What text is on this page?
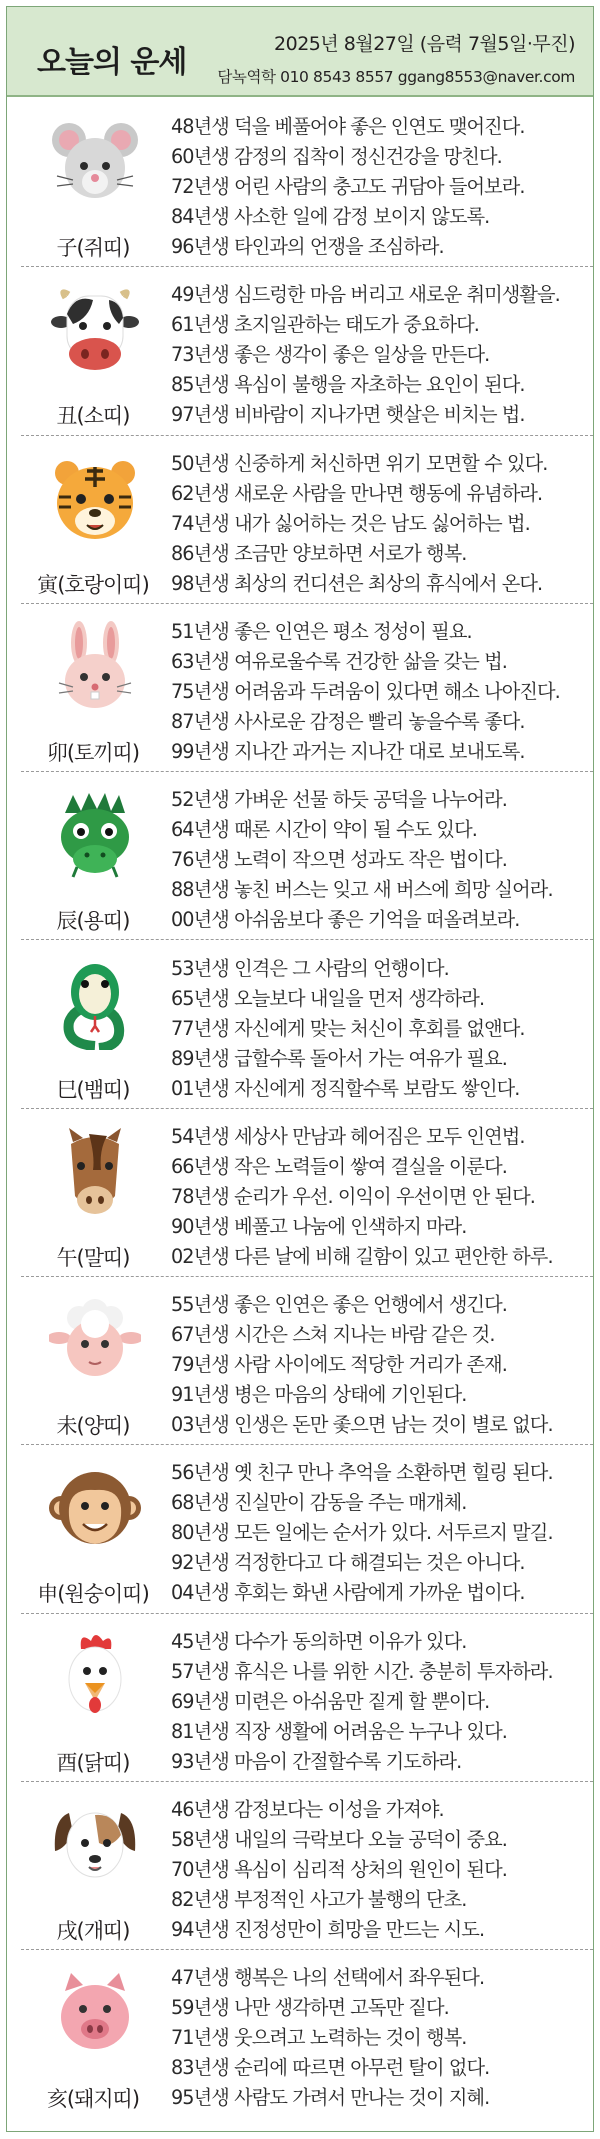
오늘의 운세
2025년 8월27일 (음력 7월5일·무진)
담녹역학 010 8543 8557 ggang8553@naver.com
子(쥐띠)
48년생 덕을 베풀어야 좋은 인연도 맺어진다.
60년생 감정의 집착이 정신건강을 망친다.
72년생 어린 사람의 충고도 귀담아 들어보라.
84년생 사소한 일에 감정 보이지 않도록.
96년생 타인과의 언쟁을 조심하라.
丑(소띠)
49년생 심드렁한 마음 버리고 새로운 취미생활을.
61년생 초지일관하는 태도가 중요하다.
73년생 좋은 생각이 좋은 일상을 만든다.
85년생 욕심이 불행을 자초하는 요인이 된다.
97년생 비바람이 지나가면 햇살은 비치는 법.
寅(호랑이띠)
50년생 신중하게 처신하면 위기 모면할 수 있다.
62년생 새로운 사람을 만나면 행동에 유념하라.
74년생 내가 싫어하는 것은 남도 싫어하는 법.
86년생 조금만 양보하면 서로가 행복.
98년생 최상의 컨디션은 최상의 휴식에서 온다.
卯(토끼띠)
51년생 좋은 인연은 평소 정성이 필요.
63년생 여유로울수록 건강한 삶을 갖는 법.
75년생 어려움과 두려움이 있다면 해소 나아진다.
87년생 사사로운 감정은 빨리 놓을수록 좋다.
99년생 지나간 과거는 지나간 대로 보내도록.
辰(용띠)
52년생 가벼운 선물 하듯 공덕을 나누어라.
64년생 때론 시간이 약이 될 수도 있다.
76년생 노력이 작으면 성과도 작은 법이다.
88년생 놓친 버스는 잊고 새 버스에 희망 실어라.
00년생 아쉬움보다 좋은 기억을 떠올려보라.
巳(뱀띠)
53년생 인격은 그 사람의 언행이다.
65년생 오늘보다 내일을 먼저 생각하라.
77년생 자신에게 맞는 처신이 후회를 없앤다.
89년생 급할수록 돌아서 가는 여유가 필요.
01년생 자신에게 정직할수록 보람도 쌓인다.
午(말띠)
54년생 세상사 만남과 헤어짐은 모두 인연법.
66년생 작은 노력들이 쌓여 결실을 이룬다.
78년생 순리가 우선. 이익이 우선이면 안 된다.
90년생 베풀고 나눔에 인색하지 마라.
02년생 다른 날에 비해 길함이 있고 편안한 하루.
未(양띠)
55년생 좋은 인연은 좋은 언행에서 생긴다.
67년생 시간은 스쳐 지나는 바람 같은 것.
79년생 사람 사이에도 적당한 거리가 존재.
91년생 병은 마음의 상태에 기인된다.
03년생 인생은 돈만 좇으면 남는 것이 별로 없다.
申(원숭이띠)
56년생 옛 친구 만나 추억을 소환하면 힐링 된다.
68년생 진실만이 감동을 주는 매개체.
80년생 모든 일에는 순서가 있다. 서두르지 말길.
92년생 걱정한다고 다 해결되는 것은 아니다.
04년생 후회는 화낸 사람에게 가까운 법이다.
酉(닭띠)
45년생 다수가 동의하면 이유가 있다.
57년생 휴식은 나를 위한 시간. 충분히 투자하라.
69년생 미련은 아쉬움만 짙게 할 뿐이다.
81년생 직장 생활에 어려움은 누구나 있다.
93년생 마음이 간절할수록 기도하라.
戌(개띠)
46년생 감정보다는 이성을 가져야.
58년생 내일의 극락보다 오늘 공덕이 중요.
70년생 욕심이 심리적 상처의 원인이 된다.
82년생 부정적인 사고가 불행의 단초.
94년생 진정성만이 희망을 만드는 시도.
亥(돼지띠)
47년생 행복은 나의 선택에서 좌우된다.
59년생 나만 생각하면 고독만 짙다.
71년생 웃으려고 노력하는 것이 행복.
83년생 순리에 따르면 아무런 탈이 없다.
95년생 사람도 가려서 만나는 것이 지혜.
